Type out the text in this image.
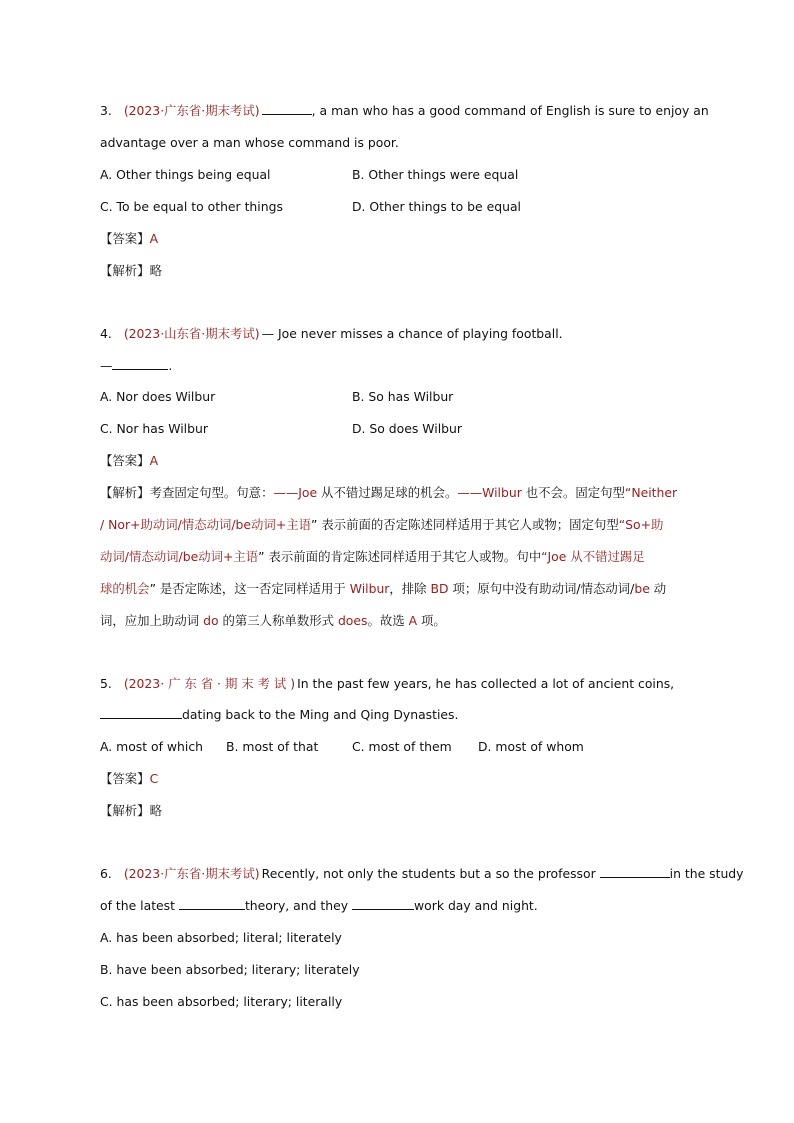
3. (2023·广东省·期末考试)	, a man who has a good command of English is sure to enjoy an
advantage over a man whose command is poor.
A. Other things being equal	B. Other things were equal
C. To be equal to other things	D. Other things to be equal
【答案】A
【解析】略
4. (2023·山东省·期末考试) — Joe never misses a chance of playing football.
—	.
A. Nor does Wilbur	B. So has Wilbur
C. Nor has Wilbur	D. So does Wilbur
【答案】A
【解析】考查固定句型。句意：——Joe 从不错过踢足球的机会。——Wilbur 也不会。固定句型“Neither
/ Nor+助动词/情态动词/be动词+主语” 表示前面的否定陈述同样适用于其它人或物；固定句型“So+助
动词/情态动词/be动词+主语” 表示前面的肯定陈述同样适用于其它人或物。句中“Joe 从不错过踢足
球的机会” 是否定陈述，这一否定同样适用于 Wilbur，排除 BD 项；原句中没有助动词/情态动词/be 动
词，应加上助动词 do 的第三人称单数形式 does。故选 A 项。
5. (2023· 广 东 省 · 期 末 考 试 ) In the past few years, he has collected a lot of ancient coins,
dating back to the Ming and Qing Dynasties.
A. most of which B. most of that	C. most of them D. most of whom
【答案】C
【解析】略
6. (2023·广东省·期末考试) Recently, not only the students but a so the professor	in the study
of the latest	theory, and they	work day and night.
A. has been absorbed; literal; literately
B. have been absorbed; literary; literately
C. has been absorbed; literary; literally
